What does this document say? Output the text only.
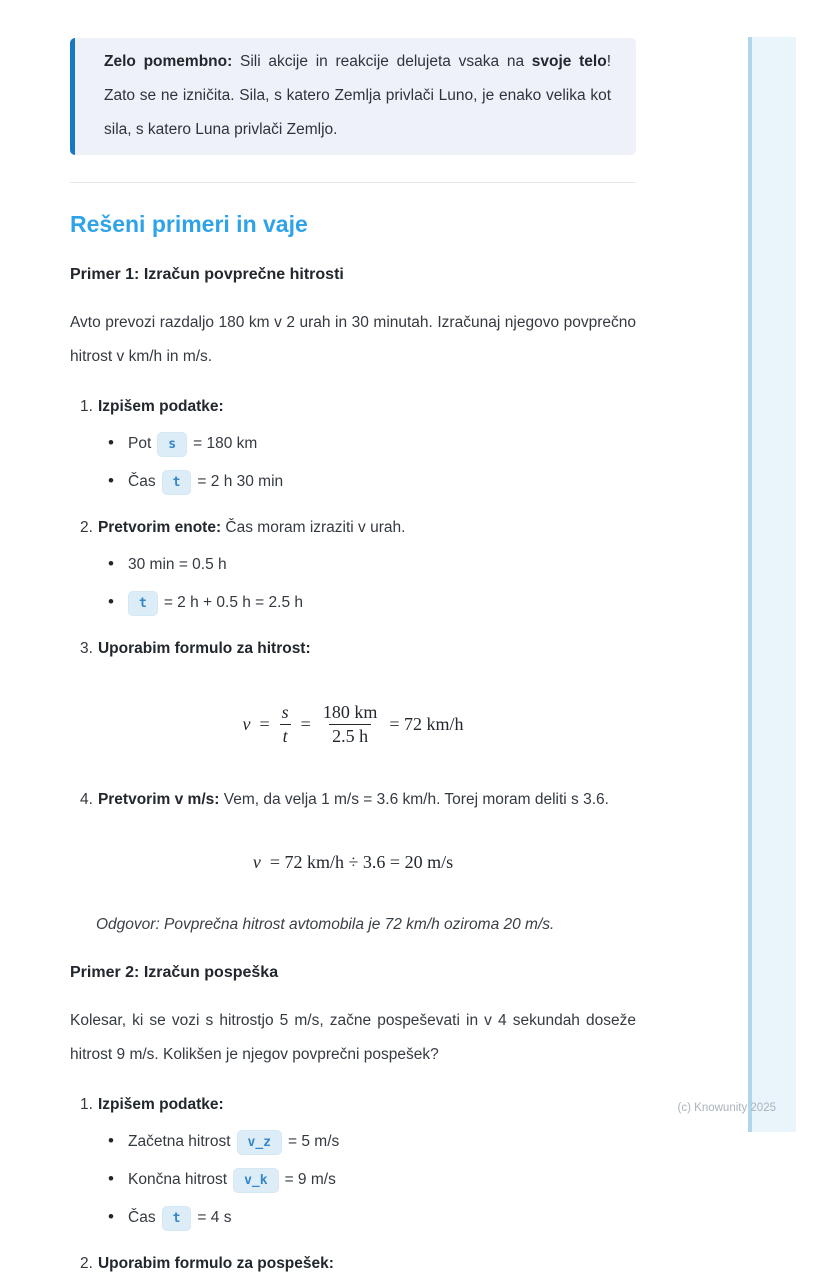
Zelo pomembno: Sili akcije in reakcije delujeta vsaka na svoje telo! Zato se ne izničita. Sila, s katero Zemlja privlači Luno, je enako velika kot sila, s katero Luna privlači Zemljo.

Rešeni primeri in vaje
Primer 1: Izračun povprečne hitrosti

Avto prevozi razdaljo 180 km v 2 urah in 30 minutah. Izračunaj njegovo povprečno hitrost v km/h in m/s.

1. Izpišem podatke:
• Pot s = 180 km
• Čas t = 2 h 30 min
2. Pretvorim enote: Čas moram izraziti v urah.
• 30 min = 0.5 h
• t = 2 h + 0.5 h = 2.5 h
3. Uporabim formulo za hitrost:
$v = \frac{s}{t} = \frac{180 km}{2.5 h} = 72$ km/h
4. Pretvorim v m/s: Vem, da velja 1 m/s = 3.6 km/h. Torej moram deliti s 3.6.
v = 72 km/h ÷ 3.6 = 20 m/s

Odgovor: Povprečna hitrost avtomobila je 72 km/h oziroma 20 m/s.

Primer 2: Izračun pospeška

Kolesar, ki se vozi s hitrostjo 5 m/s, začne pospeševati in v 4 sekundah doseže hitrost 9 m/s. Kolikšen je njegov povprečni pospešek?

1. Izpišem podatke:
• Začetna hitrost v_z = 5 m/s
• Končna hitrost v_k = 9 m/s
• Čas t = 4 s
2. Uporabim formulo za pospešek:
(c) Knowunity 2025
